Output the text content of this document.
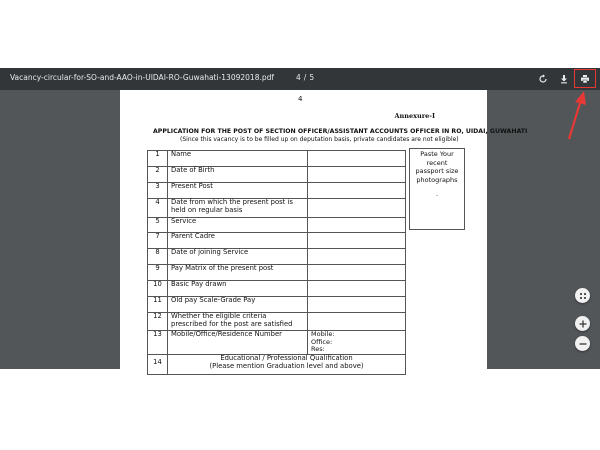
Vacancy-circular-for-SO-and-AAO-in-UIDAI-RO-Guwahati-13092018.pdf	4 / 5
4
Annexure-I
APPLICATION FOR THE POST OF SECTION OFFICER/ASSISTANT ACCOUNTS OFFICER IN RO, UIDAI, GUWAHATI
(Since this vacancy is to be filled up on deputation basis, private candidates are not eligible)
1	Name	
2	Date of Birth	
3	Present Post	
4	Date from which the present post is held on regular basis	
5	Service	
7	Parent Cadre	
8	Date of joining Service	
9	Pay Matrix of the present post	
10	Basic Pay drawn	
11	Old pay Scale-Grade Pay	
12	Whether the eligible criteria prescribed for the post are satisfied	
13	Mobile/Office/Residence Number	Mobile:
Office:
Res:

14	Educational / Professional Qualification
(Please mention Graduation level and above)	
Paste Your
recent
passport size
photographs
.
